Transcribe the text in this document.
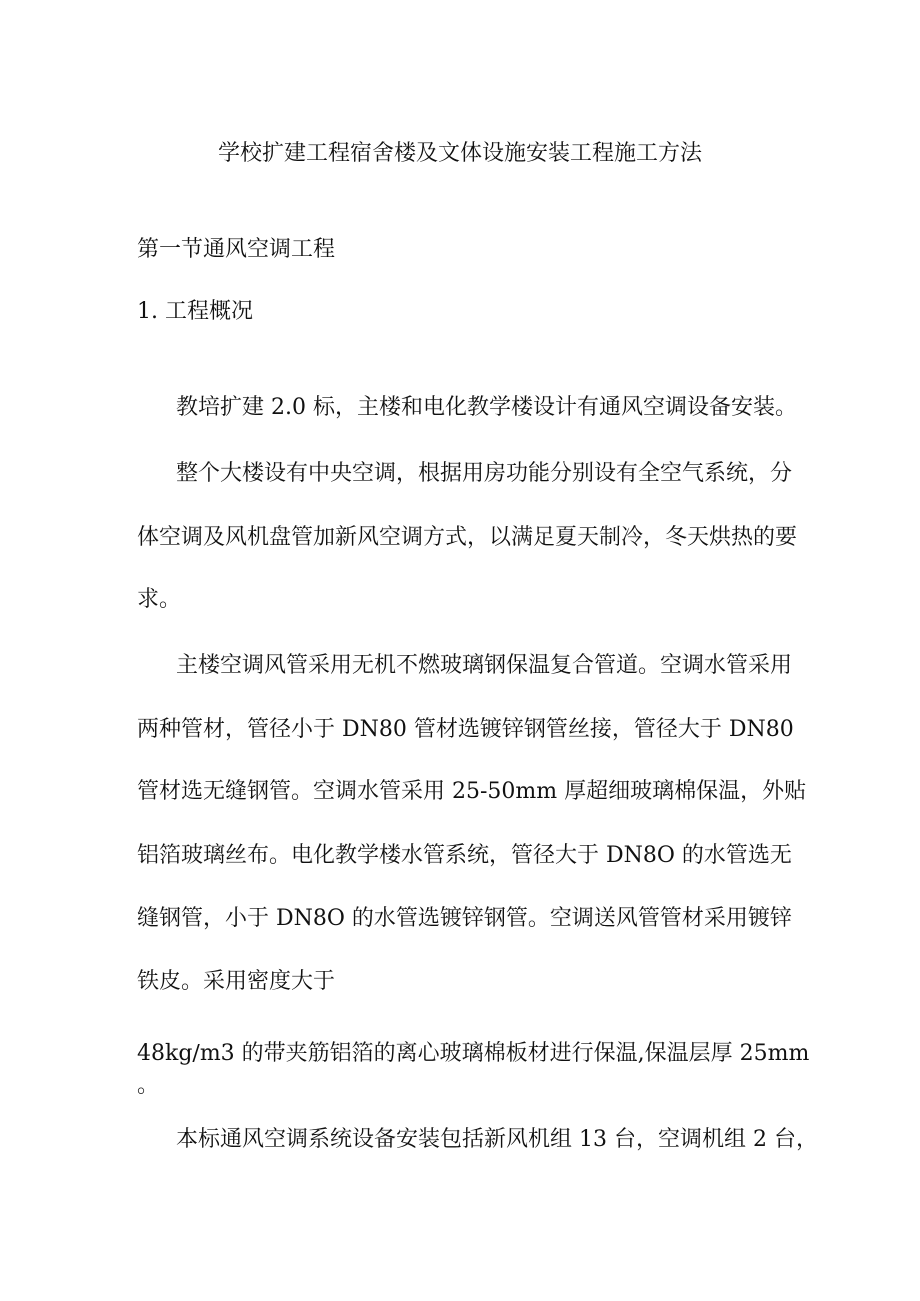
学校扩建工程宿舍楼及文体设施安装工程施工方法

第一节通风空调工程

1. 工程概况

教培扩建 2.0 标，主楼和电化教学楼设计有通风空调设备安装。

整个大楼设有中央空调，根据用房功能分别设有全空气系统，分

体空调及风机盘管加新风空调方式，以满足夏天制冷，冬天烘热的要

求。

主楼空调风管采用无机不燃玻璃钢保温复合管道。空调水管采用

两种管材，管径小于 DN80 管材选镀锌钢管丝接，管径大于 DN80

管材选无缝钢管。空调水管采用 25-50mm 厚超细玻璃棉保温，外贴

铝箔玻璃丝布。电化教学楼水管系统，管径大于 DN8O 的水管选无

缝钢管，小于 DN8O 的水管选镀锌钢管。空调送风管管材采用镀锌

铁皮。采用密度大于

48kg∕m3 的带夹筋铝箔的离心玻璃棉板材进行保温,保温层厚 25mm

。

本标通风空调系统设备安装包括新风机组 13 台，空调机组 2 台，
